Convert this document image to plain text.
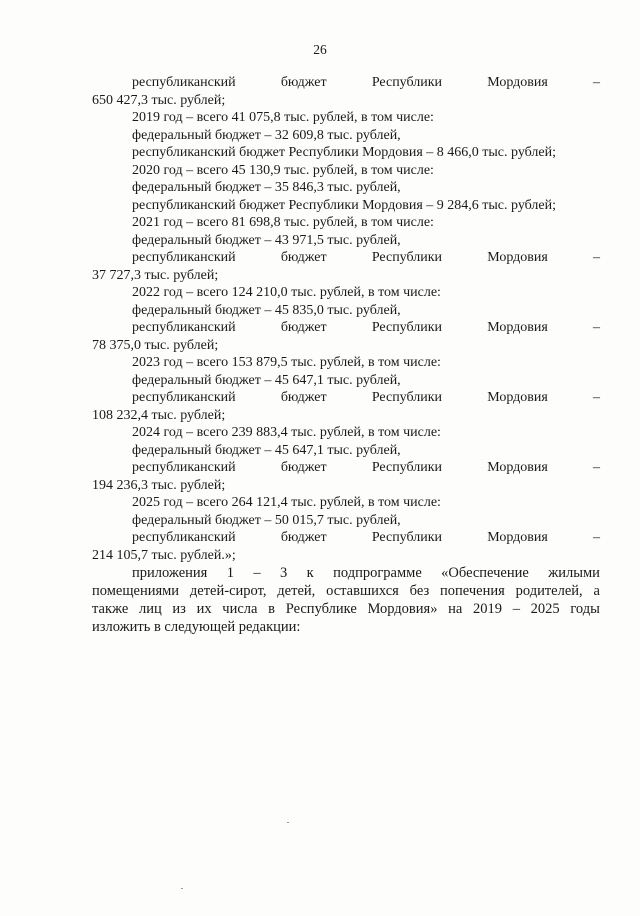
26
республиканский	бюджет	Республики	Мордовия	–
650 427,3 тыс. рублей;
2019 год – всего 41 075,8 тыс. рублей, в том числе:
федеральный бюджет – 32 609,8 тыс. рублей,
республиканский бюджет Республики Мордовия – 8 466,0 тыс. рублей;
2020 год – всего 45 130,9 тыс. рублей, в том числе:
федеральный бюджет – 35 846,3 тыс. рублей,
республиканский бюджет Республики Мордовия – 9 284,6 тыс. рублей;
2021 год – всего 81 698,8 тыс. рублей, в том числе:
федеральный бюджет – 43 971,5 тыс. рублей,
республиканский	бюджет	Республики	Мордовия	–
37 727,3 тыс. рублей;
2022 год – всего 124 210,0 тыс. рублей, в том числе:
федеральный бюджет – 45 835,0 тыс. рублей,
республиканский	бюджет	Республики	Мордовия	–
78 375,0 тыс. рублей;
2023 год – всего 153 879,5 тыс. рублей, в том числе:
федеральный бюджет – 45 647,1 тыс. рублей,
республиканский	бюджет	Республики	Мордовия	–
108 232,4 тыс. рублей;
2024 год – всего 239 883,4 тыс. рублей, в том числе:
федеральный бюджет – 45 647,1 тыс. рублей,
республиканский	бюджет	Республики	Мордовия	–
194 236,3 тыс. рублей;
2025 год – всего 264 121,4 тыс. рублей, в том числе:
федеральный бюджет – 50 015,7 тыс. рублей,
республиканский	бюджет	Республики	Мордовия	–
214 105,7 тыс. рублей.»;
приложения 1 – 3 к подпрограмме «Обеспечение жилыми
помещениями детей-сирот, детей, оставшихся без попечения родителей, а
также лиц из их числа в Республике Мордовия» на 2019 – 2025 годы
изложить в следующей редакции:
